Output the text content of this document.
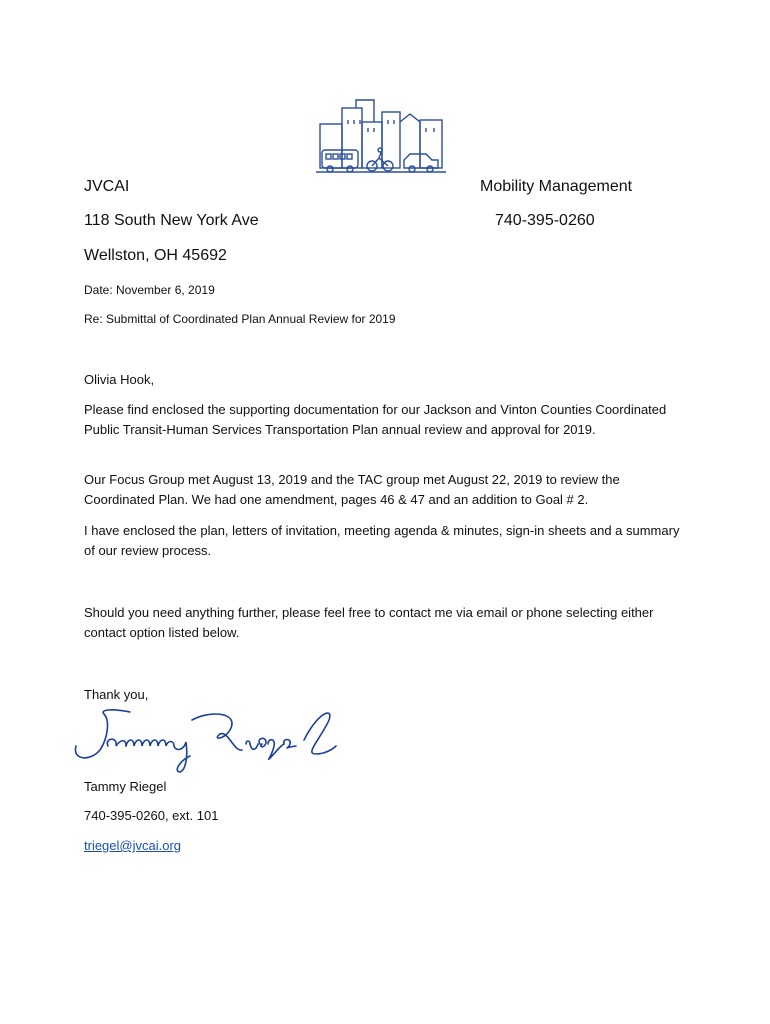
JVCAI	Mobility Management
118 South New York Ave	740-395-0260
Wellston, OH 45692
Date: November 6, 2019
Re: Submittal of Coordinated Plan Annual Review for 2019
Olivia Hook,
Please find enclosed the supporting documentation for our Jackson and Vinton Counties Coordinated Public Transit-Human Services Transportation Plan annual review and approval for 2019.
Our Focus Group met August 13, 2019 and the TAC group met August 22, 2019 to review the Coordinated Plan. We had one amendment, pages 46 & 47 and an addition to Goal # 2.
I have enclosed the plan, letters of invitation, meeting agenda & minutes, sign-in sheets and a summary of our review process.
Should you need anything further, please feel free to contact me via email or phone selecting either contact option listed below.
Thank you,
Tammy Riegel
740-395-0260, ext. 101
triegel@jvcai.org
